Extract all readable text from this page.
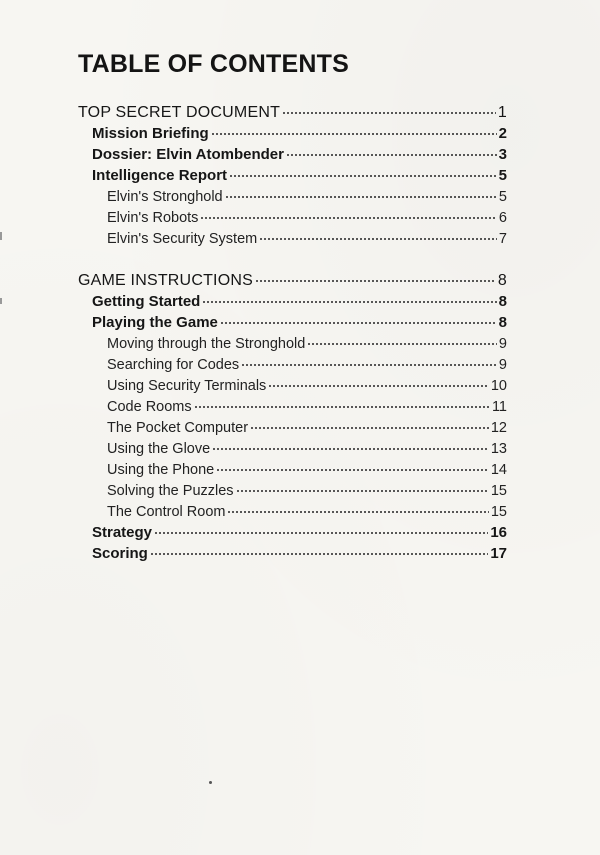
TABLE OF CONTENTS
TOP SECRET DOCUMENT	1
Mission Briefing	2
Dossier: Elvin Atombender	3
Intelligence Report	5
Elvin's Stronghold	5
Elvin's Robots	6
Elvin's Security System	7
GAME INSTRUCTIONS	8
Getting Started	8
Playing the Game	8
Moving through the Stronghold	9
Searching for Codes	9
Using Security Terminals	10
Code Rooms	11
The Pocket Computer	12
Using the Glove	13
Using the Phone	14
Solving the Puzzles	15
The Control Room	15
Strategy	16
Scoring	17
